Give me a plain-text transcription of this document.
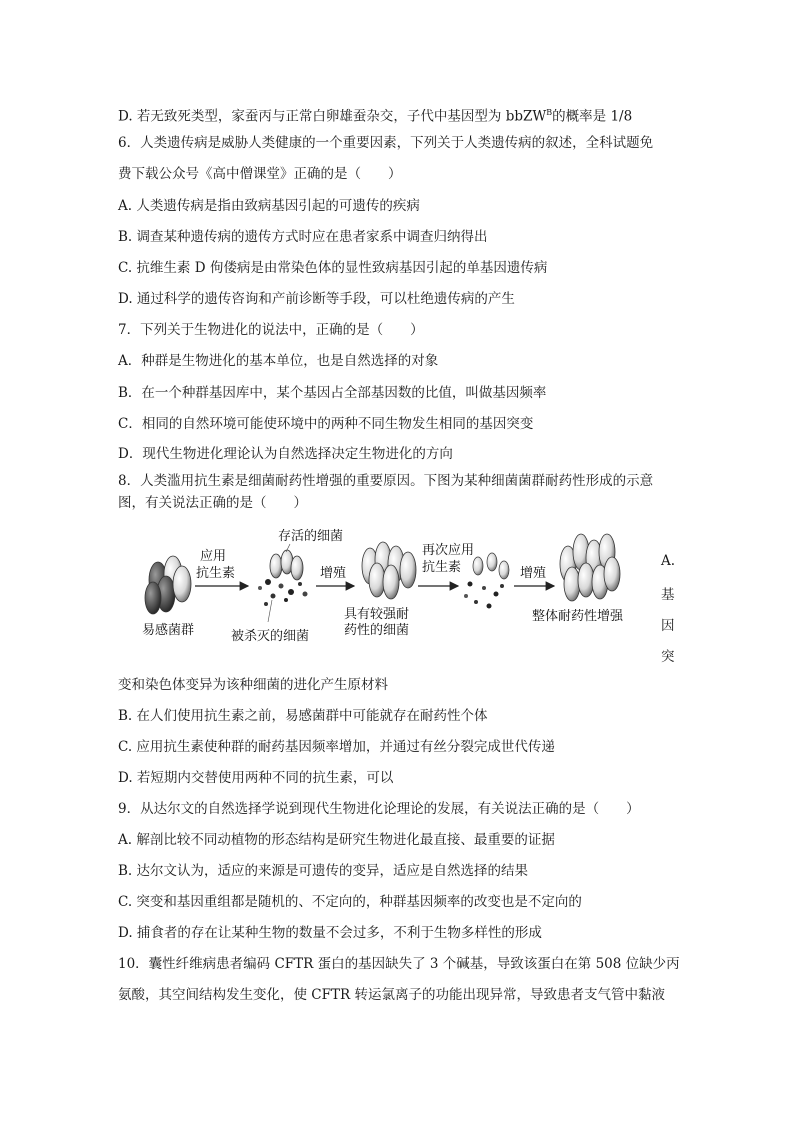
D. 若无致死类型，家蚕丙与正常白卵雄蚕杂交，子代中基因型为 bbZW$^B$的概率是 1/8
6．人类遗传病是威胁人类健康的一个重要因素，下列关于人类遗传病的叙述，全科试题免
费下载公众号《高中僧课堂》正确的是（　　）
A. 人类遗传病是指由致病基因引起的可遗传的疾病
B. 调查某种遗传病的遗传方式时应在患者家系中调查归纳得出
C. 抗维生素 D 佝偻病是由常染色体的显性致病基因引起的单基因遗传病
D. 通过科学的遗传咨询和产前诊断等手段，可以杜绝遗传病的产生
7．下列关于生物进化的说法中，正确的是（　　）
A．种群是生物进化的基本单位，也是自然选择的对象
B．在一个种群基因库中，某个基因占全部基因数的比值，叫做基因频率
C．相同的自然环境可能使环境中的两种不同生物发生相同的基因突变
D．现代生物进化理论认为自然选择决定生物进化的方向
8．人类滥用抗生素是细菌耐药性增强的重要原因。下图为某种细菌菌群耐药性形成的示意
图，有关说法正确的是（　　）
易感菌群
应用
抗生素
存活的细菌
被杀灭的细菌
增殖
具有较强耐
药性的细菌
再次应用
抗生素	增殖
整体耐药性增强
A.
基
因
突
变和染色体变异为该种细菌的进化产生原材料
B. 在人们使用抗生素之前，易感菌群中可能就存在耐药性个体
C. 应用抗生素使种群的耐药基因频率增加，并通过有丝分裂完成世代传递
D. 若短期内交替使用两种不同的抗生素，可以
9．从达尔文的自然选择学说到现代生物进化论理论的发展，有关说法正确的是（　　）
A. 解剖比较不同动植物的形态结构是研究生物进化最直接、最重要的证据
B. 达尔文认为，适应的来源是可遗传的变异，适应是自然选择的结果
C. 突变和基因重组都是随机的、不定向的，种群基因频率的改变也是不定向的
D. 捕食者的存在让某种生物的数量不会过多，不利于生物多样性的形成
10．囊性纤维病患者编码 CFTR 蛋白的基因缺失了 3 个碱基，导致该蛋白在第 508 位缺少丙
氨酸，其空间结构发生变化，使 CFTR 转运氯离子的功能出现异常，导致患者支气管中黏液
